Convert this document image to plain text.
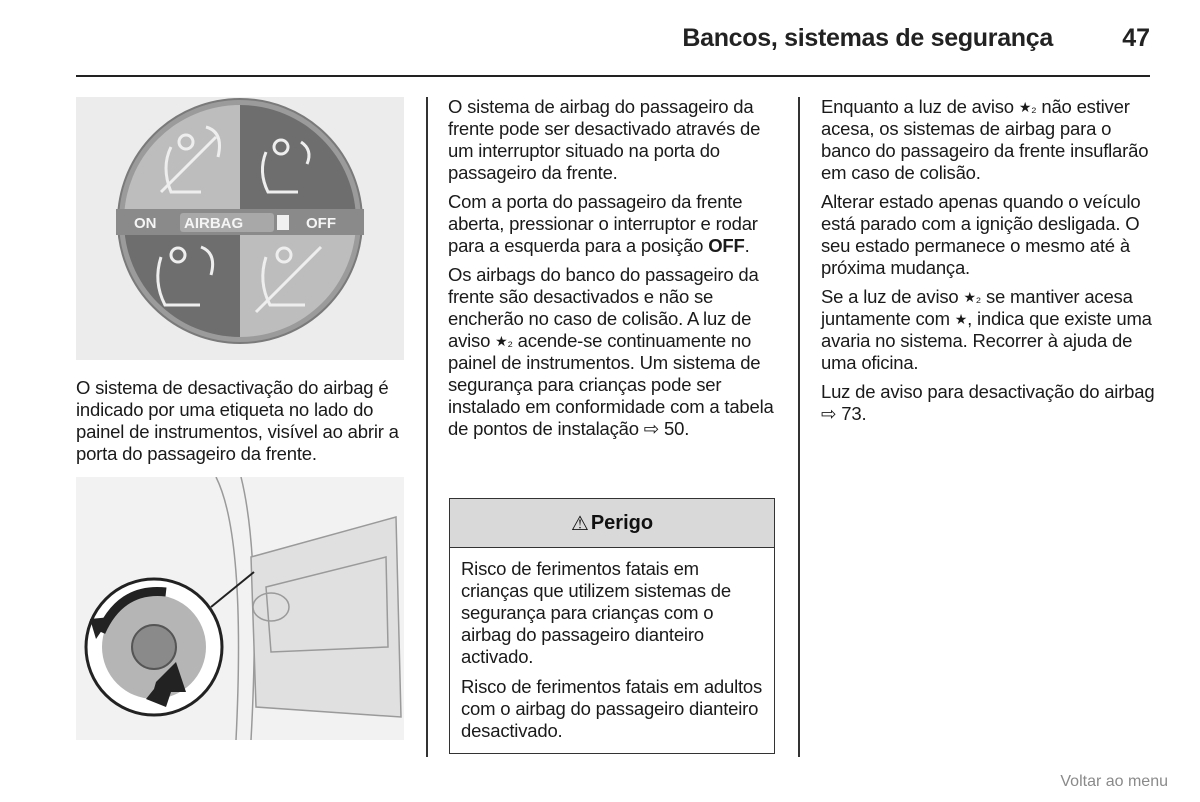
Bancos, sistemas de segurança	47
ON AIRBAG	OFF
O sistema de desactivação do airbag é indicado por uma etiqueta no lado do painel de instrumentos, visível ao abrir a porta do passageiro da frente.

O sistema de airbag do passageiro da frente pode ser desactivado através de um interruptor situado na porta do passageiro da frente.

Com a porta do passageiro da frente aberta, pressionar o interruptor e rodar para a esquerda para a posição OFF.

Os airbags do banco do passageiro da frente são desactivados e não se encherão no caso de colisão. A luz de aviso ★₂ acende-se continuamente no painel de instrumentos. Um sistema de segurança para crianças pode ser instalado em conformidade com a tabela de pontos de instalação ⇨ 50.

⚠ Perigo

Risco de ferimentos fatais em crianças que utilizem sistemas de segurança para crianças com o airbag do passageiro dianteiro activado.

Risco de ferimentos fatais em adultos com o airbag do passageiro dianteiro desactivado.

Enquanto a luz de aviso ★₂ não estiver acesa, os sistemas de airbag para o banco do passageiro da frente insuflarão em caso de colisão.

Alterar estado apenas quando o veículo está parado com a ignição desligada. O seu estado permanece o mesmo até à próxima mudança.

Se a luz de aviso ★₂ se mantiver acesa juntamente com ★, indica que existe uma avaria no sistema. Recorrer à ajuda de uma oficina.

Luz de aviso para desactivação do airbag ⇨ 73.

Voltar ao menu
